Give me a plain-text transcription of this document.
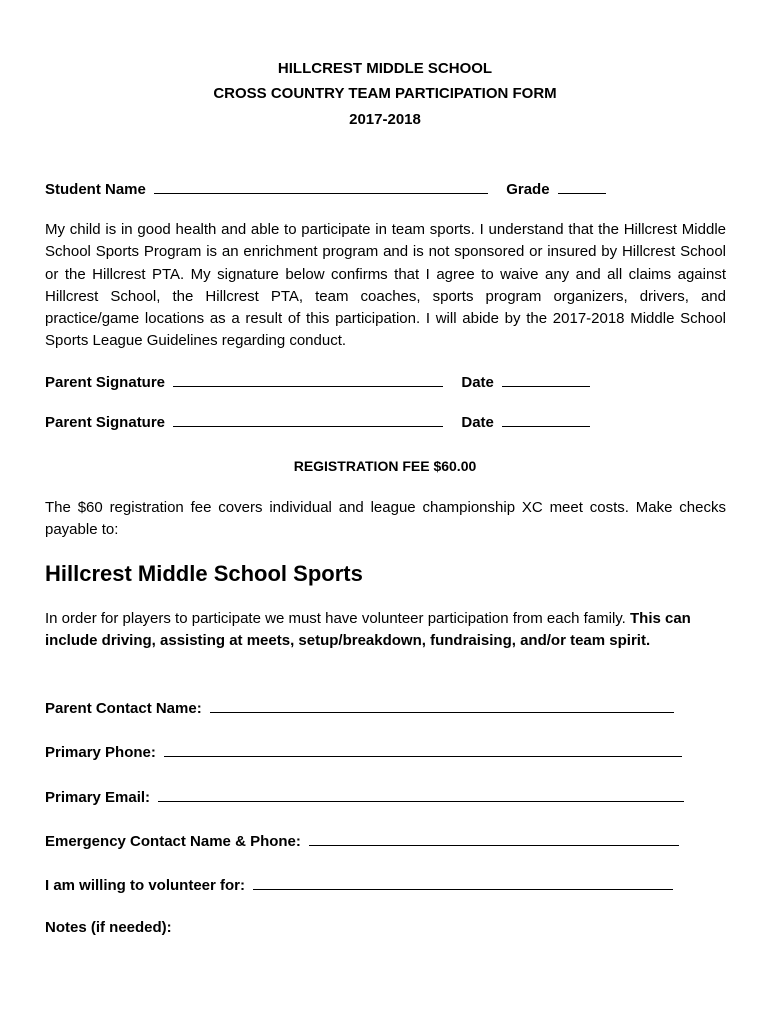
HILLCREST MIDDLE SCHOOL
CROSS COUNTRY TEAM PARTICIPATION FORM
2017-2018
Student Name	Grade
My child is in good health and able to participate in team sports. I understand that the Hillcrest Middle School Sports Program is an enrichment program and is not sponsored or insured by Hillcrest School or the Hillcrest PTA. My signature below confirms that I agree to waive any and all claims against Hillcrest School, the Hillcrest PTA, team coaches, sports program organizers, drivers, and practice/game locations as a result of this participation. I will abide by the 2017-2018 Middle School Sports League Guidelines regarding conduct.
Parent Signature	Date
Parent Signature	Date
REGISTRATION FEE $60.00
The $60 registration fee covers individual and league championship XC meet costs. Make checks payable to:
Hillcrest Middle School Sports
In order for players to participate we must have volunteer participation from each family. This can include driving, assisting at meets, setup/breakdown, fundraising, and/or team spirit.
Parent Contact Name:
Primary Phone:
Primary Email:
Emergency Contact Name & Phone:
I am willing to volunteer for:
Notes (if needed):
